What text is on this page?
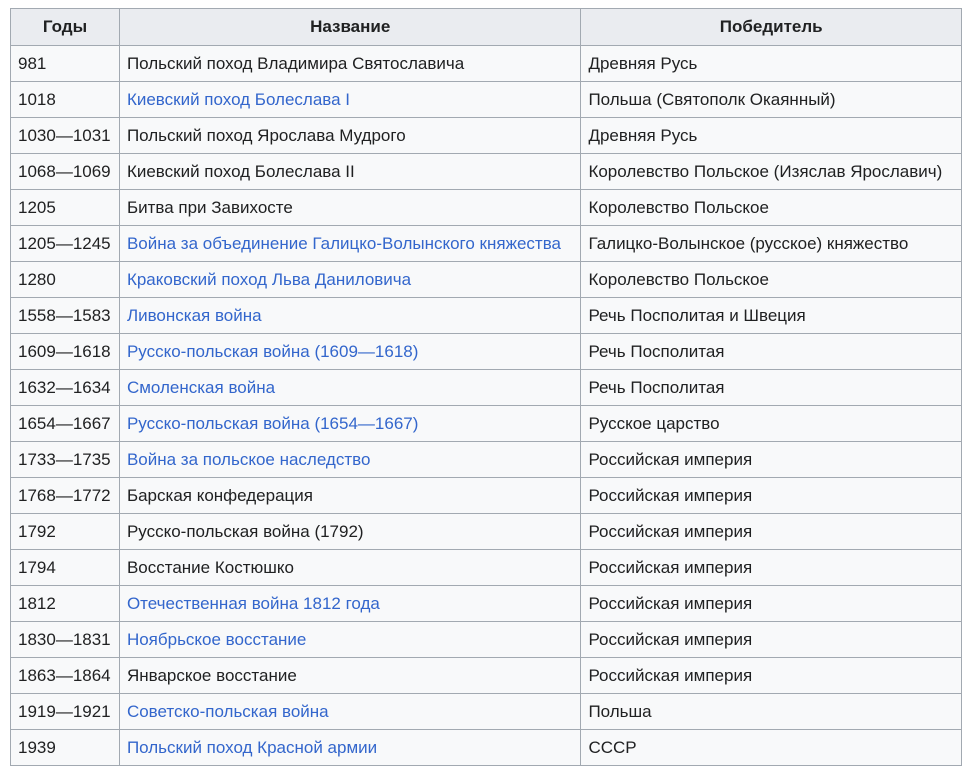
Годы	Название	Победитель
981	Польский поход Владимира Святославича	Древняя Русь
1018	Киевский поход Болеслава I	Польша (Святополк Окаянный)
1030—1031	Польский поход Ярослава Мудрого	Древняя Русь
1068—1069	Киевский поход Болеслава II	Королевство Польское (Изяслав Ярославич)
1205	Битва при Завихосте	Королевство Польское
1205—1245	Война за объединение Галицко-Волынского княжества	Галицко-Волынское (русское) княжество
1280	Краковский поход Льва Даниловича	Королевство Польское
1558—1583	Ливонская война	Речь Посполитая и Швеция
1609—1618	Русско-польская война (1609—1618)	Речь Посполитая
1632—1634	Смоленская война	Речь Посполитая
1654—1667	Русско-польская война (1654—1667)	Русское царство
1733—1735	Война за польское наследство	Российская империя
1768—1772	Барская конфедерация	Российская империя
1792	Русско-польская война (1792)	Российская империя
1794	Восстание Костюшко	Российская империя
1812	Отечественная война 1812 года	Российская империя
1830—1831	Ноябрьское восстание	Российская империя
1863—1864	Январское восстание	Российская империя
1919—1921	Советско-польская война	Польша
1939	Польский поход Красной армии	СССР
